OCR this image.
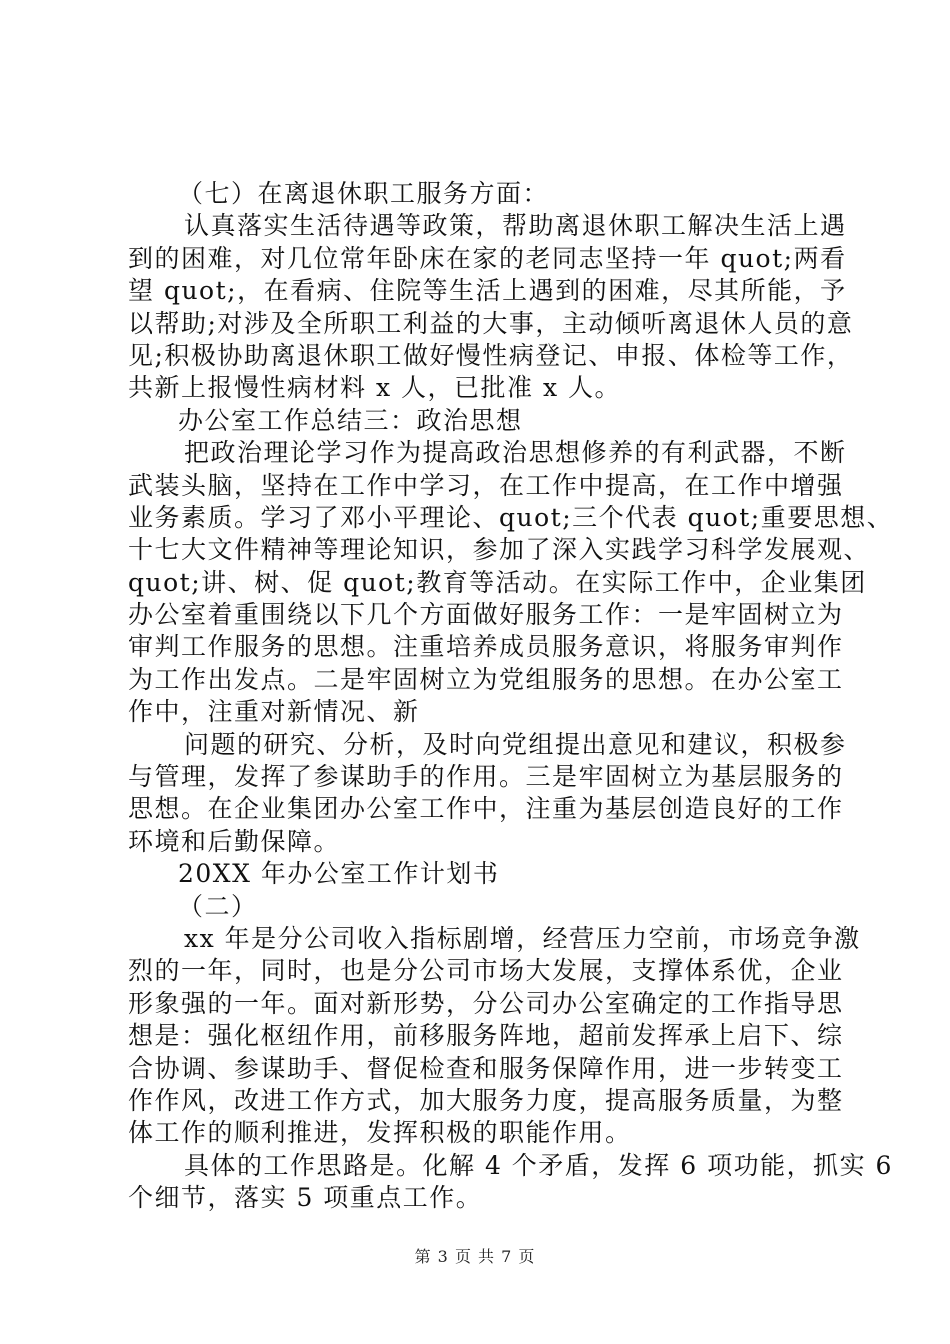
（七）在离退休职工服务方面：
认真落实生活待遇等政策，帮助离退休职工解决生活上遇
到的困难，对几位常年卧床在家的老同志坚持一年 quot;两看
望 quot;，在看病、住院等生活上遇到的困难，尽其所能，予
以帮助;对涉及全所职工利益的大事，主动倾听离退休人员的意
见;积极协助离退休职工做好慢性病登记、申报、体检等工作，
共新上报慢性病材料 x 人，已批准 x 人。
办公室工作总结三：政治思想
把政治理论学习作为提高政治思想修养的有利武器，不断
武装头脑，坚持在工作中学习，在工作中提高，在工作中增强
业务素质。学习了邓小平理论、quot;三个代表 quot;重要思想、
十七大文件精神等理论知识，参加了深入实践学习科学发展观、
quot;讲、树、促 quot;教育等活动。在实际工作中，企业集团
办公室着重围绕以下几个方面做好服务工作：一是牢固树立为
审判工作服务的思想。注重培养成员服务意识，将服务审判作
为工作出发点。二是牢固树立为党组服务的思想。在办公室工
作中，注重对新情况、新
问题的研究、分析，及时向党组提出意见和建议，积极参
与管理，发挥了参谋助手的作用。三是牢固树立为基层服务的
思想。在企业集团办公室工作中，注重为基层创造良好的工作
环境和后勤保障。
20XX 年办公室工作计划书
（二）
xx 年是分公司收入指标剧增，经营压力空前，市场竞争激
烈的一年，同时，也是分公司市场大发展，支撑体系优，企业
形象强的一年。面对新形势，分公司办公室确定的工作指导思
想是：强化枢纽作用，前移服务阵地，超前发挥承上启下、综
合协调、参谋助手、督促检查和服务保障作用，进一步转变工
作作风，改进工作方式，加大服务力度，提高服务质量，为整
体工作的顺利推进，发挥积极的职能作用。
具体的工作思路是。化解 4 个矛盾，发挥 6 项功能，抓实 6
个细节，落实 5 项重点工作。
第 3 页 共 7 页
